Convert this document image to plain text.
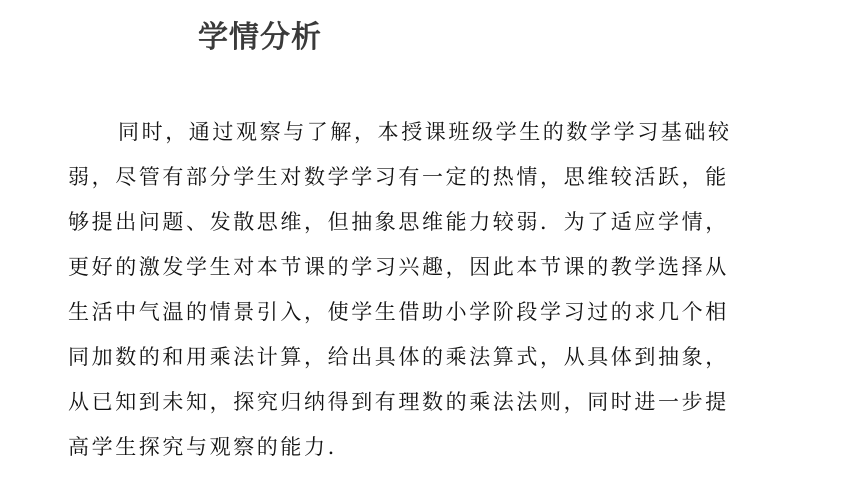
学情分析
同时，通过观察与了解，本授课班级学生的数学学习基础较
弱，尽管有部分学生对数学学习有一定的热情，思维较活跃，能
够提出问题、发散思维，但抽象思维能力较弱．为了适应学情，
更好的激发学生对本节课的学习兴趣，因此本节课的教学选择从
生活中气温的情景引入，使学生借助小学阶段学习过的求几个相
同加数的和用乘法计算，给出具体的乘法算式，从具体到抽象，
从已知到未知，探究归纳得到有理数的乘法法则，同时进一步提
高学生探究与观察的能力.
